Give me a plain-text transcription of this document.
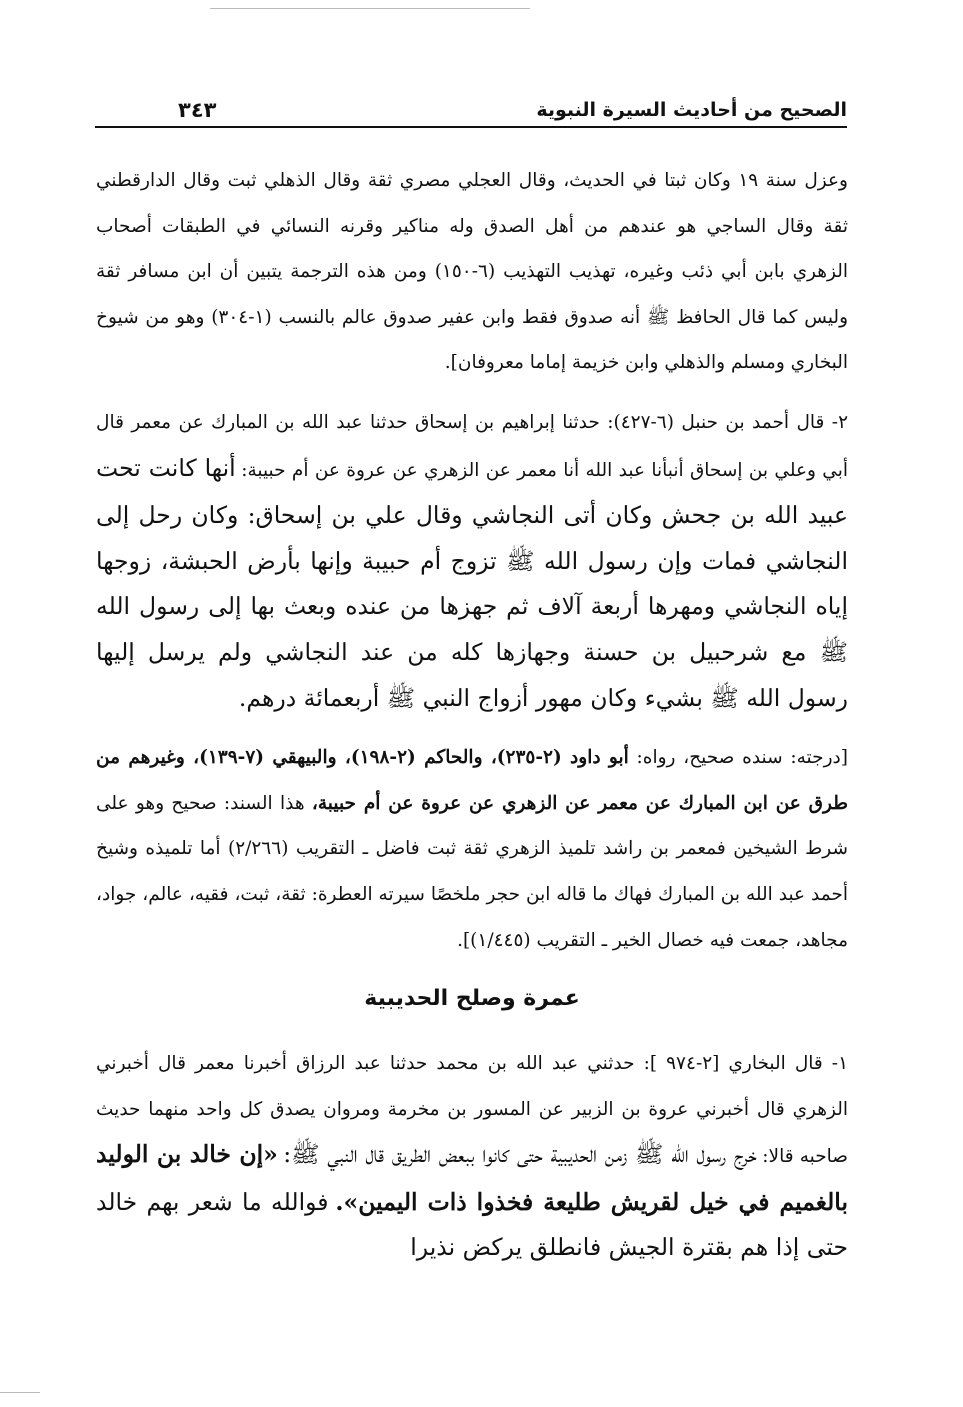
الصحيح من أحاديث السيرة النبوية
٣٤٣

وعزل سنة ١٩ وكان ثبتا في الحديث، وقال العجلي مصري ثقة وقال الذهلي ثبت وقال الدارقطني ثقة وقال الساجي هو عندهم من أهل الصدق وله مناكير وقرنه النسائي في الطبقات أصحاب الزهري بابن أبي ذئب وغيره، تهذيب التهذيب (٦-١٥٠) ومن هذه الترجمة يتبين أن ابن مسافر ثقة وليس كما قال الحافظ ﷺ أنه صدوق فقط وابن عفير صدوق عالم بالنسب (١-٣٠٤) وهو من شيوخ البخاري ومسلم والذهلي وابن خزيمة إماما معروفان].

٢- قال أحمد بن حنبل (٦-٤٢٧): حدثنا إبراهيم بن إسحاق حدثنا عبد الله بن المبارك عن معمر قال أبي وعلي بن إسحاق أنبأنا عبد الله أنا معمر عن الزهري عن عروة عن أم حبيبة: أنها كانت تحت عبيد الله بن جحش وكان أتى النجاشي وقال علي بن إسحاق: وكان رحل إلى النجاشي فمات وإن رسول الله ﷺ تزوج أم حبيبة وإنها بأرض الحبشة، زوجها إياه النجاشي ومهرها أربعة آلاف ثم جهزها من عنده وبعث بها إلى رسول الله ﷺ مع شرحبيل بن حسنة وجهازها كله من عند النجاشي ولم يرسل إليها رسول الله ﷺ بشيء وكان مهور أزواج النبي ﷺ أربعمائة درهم.

[درجته: سنده صحيح، رواه: أبو داود (٢-٢٣٥)، والحاكم (٢-١٩٨)، والبيهقي (٧-١٣٩)، وغيرهم من طرق عن ابن المبارك عن معمر عن الزهري عن عروة عن أم حبيبة، هذا السند: صحيح وهو على شرط الشيخين فمعمر بن راشد تلميذ الزهري ثقة ثبت فاضل ـ التقريب (٢/٢٦٦) أما تلميذه وشيخ أحمد عبد الله بن المبارك فهاك ما قاله ابن حجر ملخصًا سيرته العطرة: ثقة، ثبت، فقيه، عالم، جواد، مجاهد، جمعت فيه خصال الخير ـ التقريب (١/٤٤٥)].

عمرة وصلح الحديبية

١- قال البخاري [٢-٩٧٤ ]: حدثني عبد الله بن محمد حدثنا عبد الرزاق أخبرنا معمر قال أخبرني الزهري قال أخبرني عروة بن الزبير عن المسور بن مخرمة ومروان يصدق كل واحد منهما حديث صاحبه قالا: خرج رسول الله ﷺ زمن الحديبية حتى كانوا ببعض الطريق قال النبي ﷺ: «إن خالد بن الوليد بالغميم في خيل لقريش طليعة فخذوا ذات اليمين». فوالله ما شعر بهم خالد حتى إذا هم بقترة الجيش فانطلق يركض نذيرا
